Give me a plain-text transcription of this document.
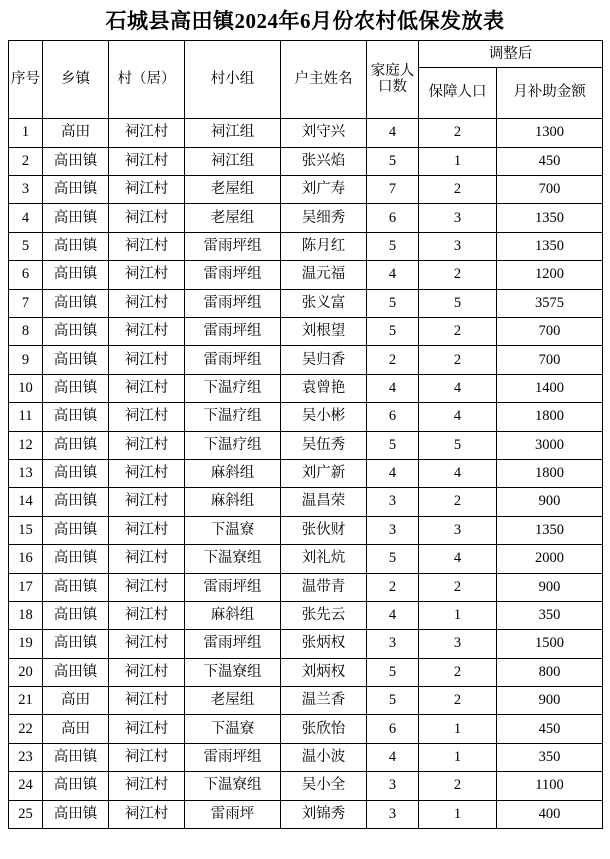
石城县高田镇2024年6月份农村低保发放表
序号	乡镇	村（居）	村小组	户主姓名	家庭人口数	调整后	

						保障人口	月补助金额

1	高田	祠江村	祠江组	刘守兴	4	2	1300
2	高田镇	祠江村	祠江组	张兴焰	5	1	450
3	高田镇	祠江村	老屋组	刘广寿	7	2	700
4	高田镇	祠江村	老屋组	吴细秀	6	3	1350
5	高田镇	祠江村	雷雨坪组	陈月红	5	3	1350
6	高田镇	祠江村	雷雨坪组	温元福	4	2	1200
7	高田镇	祠江村	雷雨坪组	张义富	5	5	3575
8	高田镇	祠江村	雷雨坪组	刘根望	5	2	700
9	高田镇	祠江村	雷雨坪组	吴归香	2	2	700
10	高田镇	祠江村	下温疗组	袁曾艳	4	4	1400
11	高田镇	祠江村	下温疗组	吴小彬	6	4	1800
12	高田镇	祠江村	下温疗组	吴伍秀	5	5	3000
13	高田镇	祠江村	麻斜组	刘广新	4	4	1800
14	高田镇	祠江村	麻斜组	温昌荣	3	2	900
15	高田镇	祠江村	下温寮	张伙财	3	3	1350
16	高田镇	祠江村	下温寮组	刘礼炕	5	4	2000
17	高田镇	祠江村	雷雨坪组	温带青	2	2	900
18	高田镇	祠江村	麻斜组	张先云	4	1	350
19	高田镇	祠江村	雷雨坪组	张炳权	3	3	1500
20	高田镇	祠江村	下温寮组	刘炳权	5	2	800
21	高田	祠江村	老屋组	温兰香	5	2	900
22	高田	祠江村	下温寮	张欣怡	6	1	450
23	高田镇	祠江村	雷雨坪组	温小波	4	1	350
24	高田镇	祠江村	下温寮组	吴小全	3	2	1100
25	高田镇	祠江村	雷雨坪	刘锦秀	3	1	400
